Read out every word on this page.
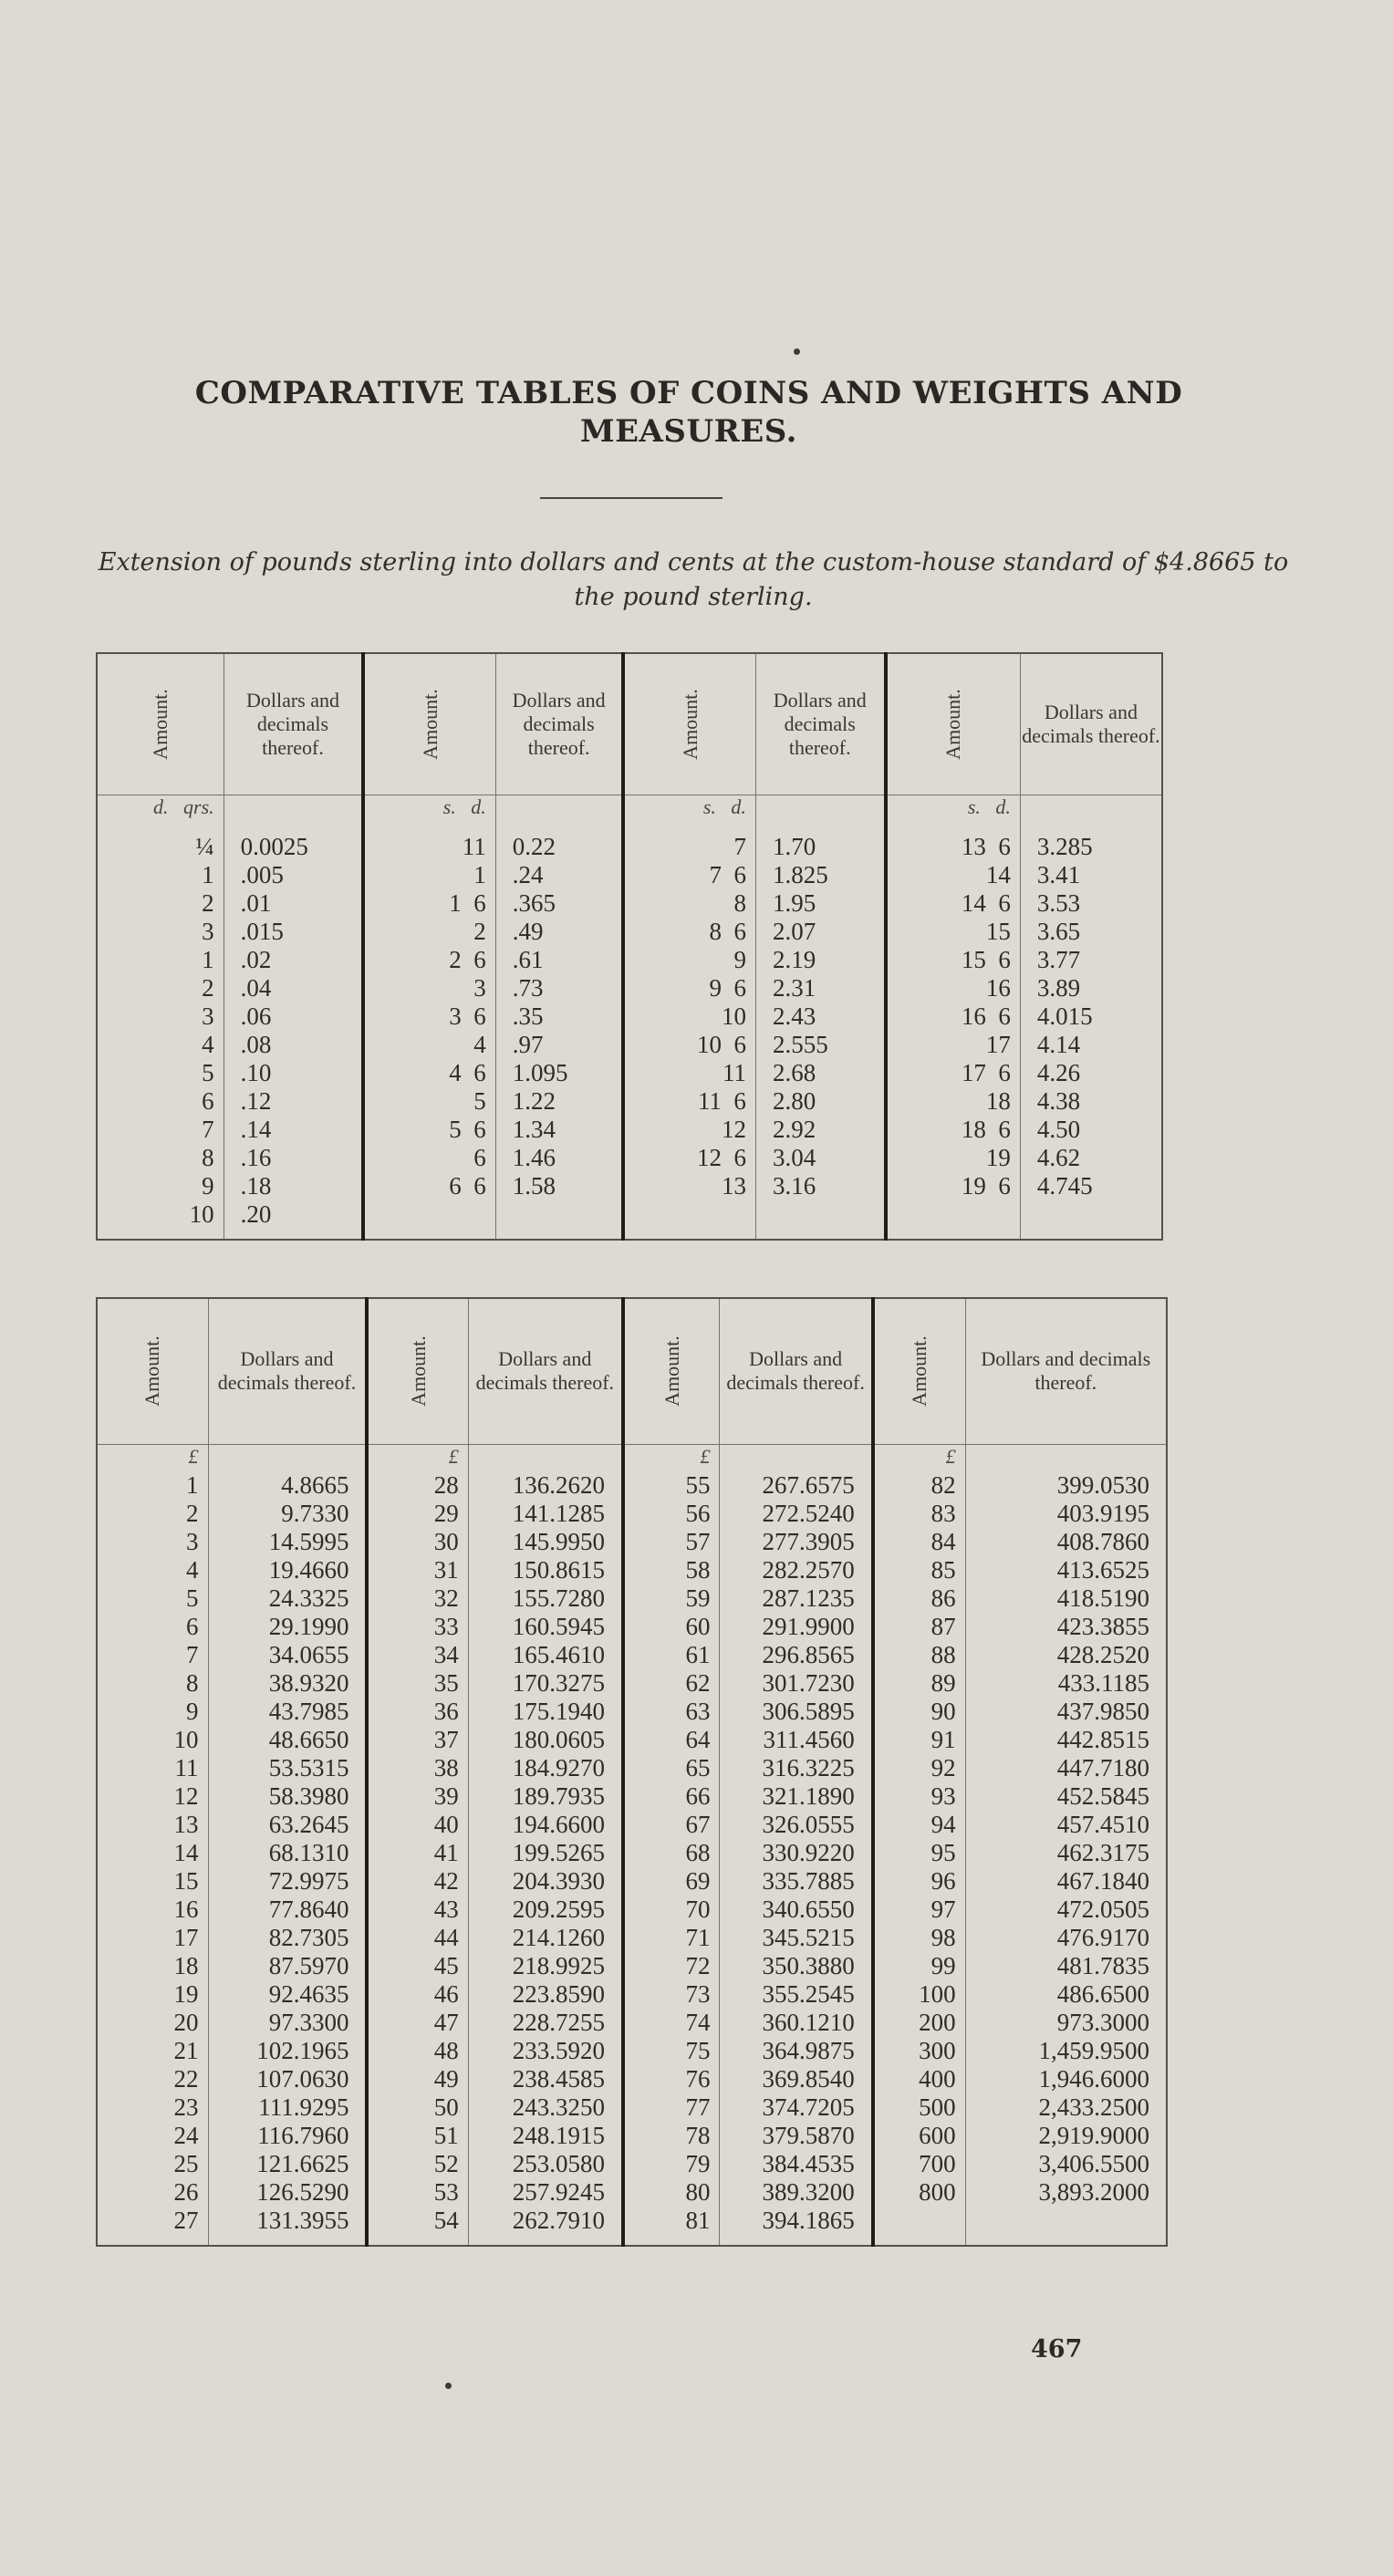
COMPARATIVE TABLES OF COINS AND WEIGHTS AND MEASURES.
Extension of pounds sterling into dollars and cents at the custom-house standard of $4.8665 to the pound sterling.
Amount.	Dollars and decimals thereof.	Amount.	Dollars and decimals thereof.	Amount.	Dollars and decimals thereof.	Amount.	Dollars and decimals thereof.
d.   qrs.		s.   d.		s.   d.		s.   d.	
¼	0.0025	11	0.22	7	1.70	13  6	3.285
1	.005	1	.24	7  6	1.825	14	3.41
2	.01	1  6	.365	8	1.95	14  6	3.53
3	.015	2	.49	8  6	2.07	15	3.65
1	.02	2  6	.61	9	2.19	15  6	3.77
2	.04	3	.73	9  6	2.31	16	3.89
3	.06	3  6	.35	10	2.43	16  6	4.015
4	.08	4	.97	10  6	2.555	17	4.14
5	.10	4  6	1.095	11	2.68	17  6	4.26
6	.12	5	1.22	11  6	2.80	18	4.38
7	.14	5  6	1.34	12	2.92	18  6	4.50
8	.16	6	1.46	12  6	3.04	19	4.62
9	.18	6  6	1.58	13	3.16	19  6	4.745
10	.20						

Amount.	Dollars and decimals thereof.	Amount.	Dollars and decimals thereof.	Amount.	Dollars and decimals thereof.	Amount.	Dollars and decimals thereof.
£		£		£		£	
1	4.8665	28	136.2620	55	267.6575	82	399.0530
2	9.7330	29	141.1285	56	272.5240	83	403.9195
3	14.5995	30	145.9950	57	277.3905	84	408.7860
4	19.4660	31	150.8615	58	282.2570	85	413.6525
5	24.3325	32	155.7280	59	287.1235	86	418.5190
6	29.1990	33	160.5945	60	291.9900	87	423.3855
7	34.0655	34	165.4610	61	296.8565	88	428.2520
8	38.9320	35	170.3275	62	301.7230	89	433.1185
9	43.7985	36	175.1940	63	306.5895	90	437.9850
10	48.6650	37	180.0605	64	311.4560	91	442.8515
11	53.5315	38	184.9270	65	316.3225	92	447.7180
12	58.3980	39	189.7935	66	321.1890	93	452.5845
13	63.2645	40	194.6600	67	326.0555	94	457.4510
14	68.1310	41	199.5265	68	330.9220	95	462.3175
15	72.9975	42	204.3930	69	335.7885	96	467.1840
16	77.8640	43	209.2595	70	340.6550	97	472.0505
17	82.7305	44	214.1260	71	345.5215	98	476.9170
18	87.5970	45	218.9925	72	350.3880	99	481.7835
19	92.4635	46	223.8590	73	355.2545	100	486.6500
20	97.3300	47	228.7255	74	360.1210	200	973.3000
21	102.1965	48	233.5920	75	364.9875	300	1,459.9500
22	107.0630	49	238.4585	76	369.8540	400	1,946.6000
23	111.9295	50	243.3250	77	374.7205	500	2,433.2500
24	116.7960	51	248.1915	78	379.5870	600	2,919.9000
25	121.6625	52	253.0580	79	384.4535	700	3,406.5500
26	126.5290	53	257.9245	80	389.3200	800	3,893.2000
27	131.3955	54	262.7910	81	394.1865		

467
